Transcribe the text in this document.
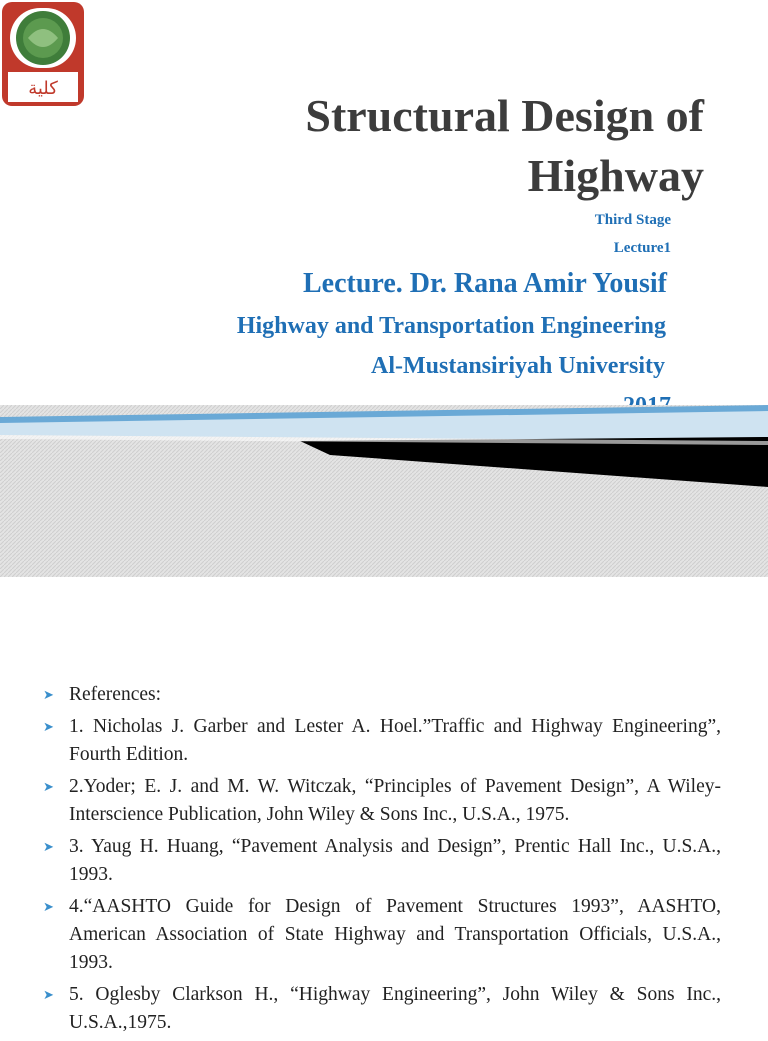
كلية
Structural Design of
Highway
Third Stage
Lecture1
Lecture. Dr. Rana Amir Yousif
Highway and Transportation Engineering
Al-Mustansiriyah University
➤ References:
➤ 1. Nicholas J. Garber and Lester A. Hoel.”Traffic and Highway Engineering”, Fourth Edition.
➤ 2.Yoder; E. J. and M. W. Witczak, “Principles of Pavement Design”, A Wiley- Interscience Publication, John Wiley & Sons Inc., U.S.A., 1975.
➤ 3. Yaug H. Huang, “Pavement Analysis and Design”, Prentic Hall Inc., U.S.A., 1993.
➤ 4.“AASHTO Guide for Design of Pavement Structures 1993”, AASHTO, American Association of State Highway and Transportation Officials, U.S.A., 1993.
➤ 5. Oglesby Clarkson H., “Highway Engineering”, John Wiley & Sons Inc., U.S.A.,1975.
